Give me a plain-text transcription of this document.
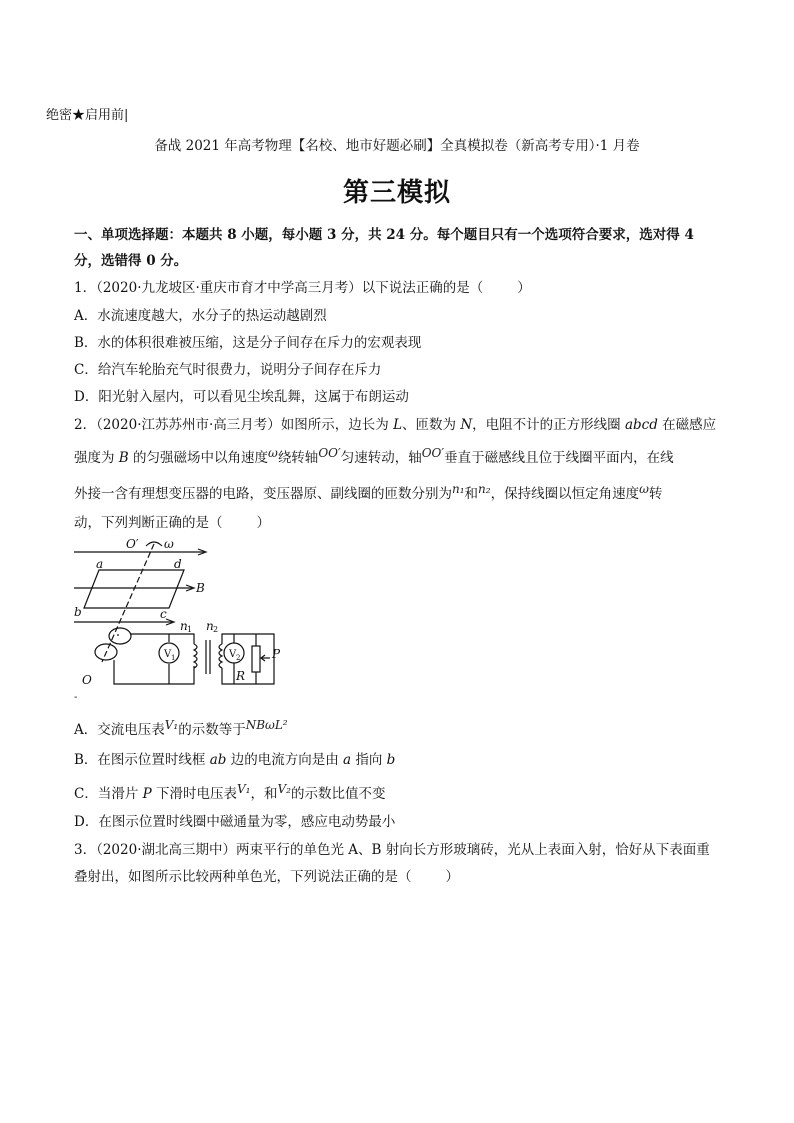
绝密★启用前|
备战 2021 年高考物理【名校、地市好题必刷】全真模拟卷（新高考专用）·1 月卷
第三模拟
一、单项选择题：本题共 8 小题，每小题 3 分，共 24 分。每个题目只有一个选项符合要求，选对得 4 分，选错得 0 分。
1．（2020·九龙坡区·重庆市育才中学高三月考）以下说法正确的是（	）
A．水流速度越大，水分子的热运动越剧烈
B．水的体积很难被压缩，这是分子间存在斥力的宏观表现
C．给汽车轮胎充气时很费力，说明分子间存在斥力
D．阳光射入屋内，可以看见尘埃乱舞，这属于布朗运动
2．（2020·江苏苏州市·高三月考）如图所示，边长为 L、匝数为 N，电阻不计的正方形线圈 abcd 在磁感应
强度为 B 的匀强磁场中以角速度ω绕转轴OO′匀速转动，轴OO′垂直于磁感线且位于线圈平面内，在线
外接一含有理想变压器的电路，变压器原、副线圈的匝数分别为n₁和n₂，保持线圈以恒定角速度ω转
动，下列判断正确的是（	）
O′ ω
a	d
B
b	c
n 1 n 2
V 1	V 2	P
R
O
-
A．交流电压表V₁的示数等于NBωL²
B．在图示位置时线框 ab 边的电流方向是由 a 指向 b
C．当滑片 P 下滑时电压表V₁，和V₂的示数比值不变
D．在图示位置时线圈中磁通量为零，感应电动势最小
3．（2020·湖北高三期中）两束平行的单色光 A、B 射向长方形玻璃砖，光从上表面入射，恰好从下表面重
叠射出，如图所示比较两种单色光，下列说法正确的是（	）
